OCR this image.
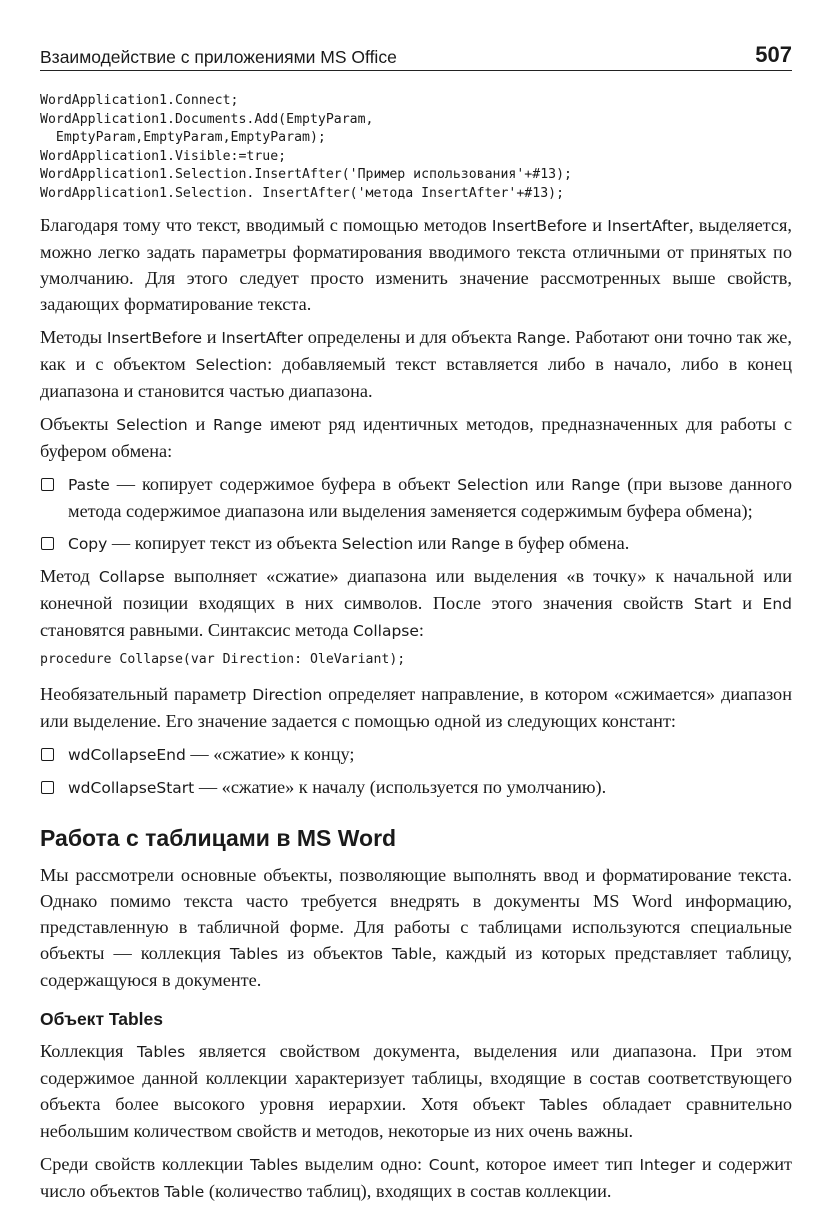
Взаимодействие с приложениями MS Office	507
WordApplication1.Connect;
WordApplication1.Documents.Add(EmptyParam,
EmptyParam,EmptyParam,EmptyParam);
WordApplication1.Visible:=true;
WordApplication1.Selection.InsertAfter('Пример использования'+#13);
WordApplication1.Selection. InsertAfter('метода InsertAfter'+#13);
Благодаря тому что текст, вводимый с помощью методов InsertBefore и InsertAfter, выделяется, можно легко задать параметры форматирования вводимого текста отличными от принятых по умолчанию. Для этого следует просто изменить значение рассмотренных выше свойств, задающих форматирование текста.
Методы InsertBefore и InsertAfter определены и для объекта Range. Работают они точно так же, как и с объектом Selection: добавляемый текст вставляется либо в начало, либо в конец диапазона и становится частью диапазона.
Объекты Selection и Range имеют ряд идентичных методов, предназначенных для работы с буфером обмена:
Paste — копирует содержимое буфера в объект Selection или Range (при вызове данного метода содержимое диапазона или выделения заменяется содержимым буфера обмена);
Copy — копирует текст из объекта Selection или Range в буфер обмена.
Метод Collapse выполняет «сжатие» диапазона или выделения «в точку» к начальной или конечной позиции входящих в них символов. После этого значения свойств Start и End становятся равными. Синтаксис метода Collapse:
procedure Collapse(var Direction: OleVariant);
Необязательный параметр Direction определяет направление, в котором «сжимается» диапазон или выделение. Его значение задается с помощью одной из следующих констант:
wdCollapseEnd — «сжатие» к концу;
wdCollapseStart — «сжатие» к началу (используется по умолчанию).
Работа с таблицами в MS Word
Мы рассмотрели основные объекты, позволяющие выполнять ввод и форматирование текста. Однако помимо текста часто требуется внедрять в документы MS Word информацию, представленную в табличной форме. Для работы с таблицами используются специальные объекты — коллекция Tables из объектов Table, каждый из которых представляет таблицу, содержащуюся в документе.
Объект Tables
Коллекция Tables является свойством документа, выделения или диапазона. При этом содержимое данной коллекции характеризует таблицы, входящие в состав соответствующего объекта более высокого уровня иерархии. Хотя объект Tables обладает сравнительно небольшим количеством свойств и методов, некоторые из них очень важны.
Среди свойств коллекции Tables выделим одно: Count, которое имеет тип Integer и содержит число объектов Table (количество таблиц), входящих в состав коллекции.
